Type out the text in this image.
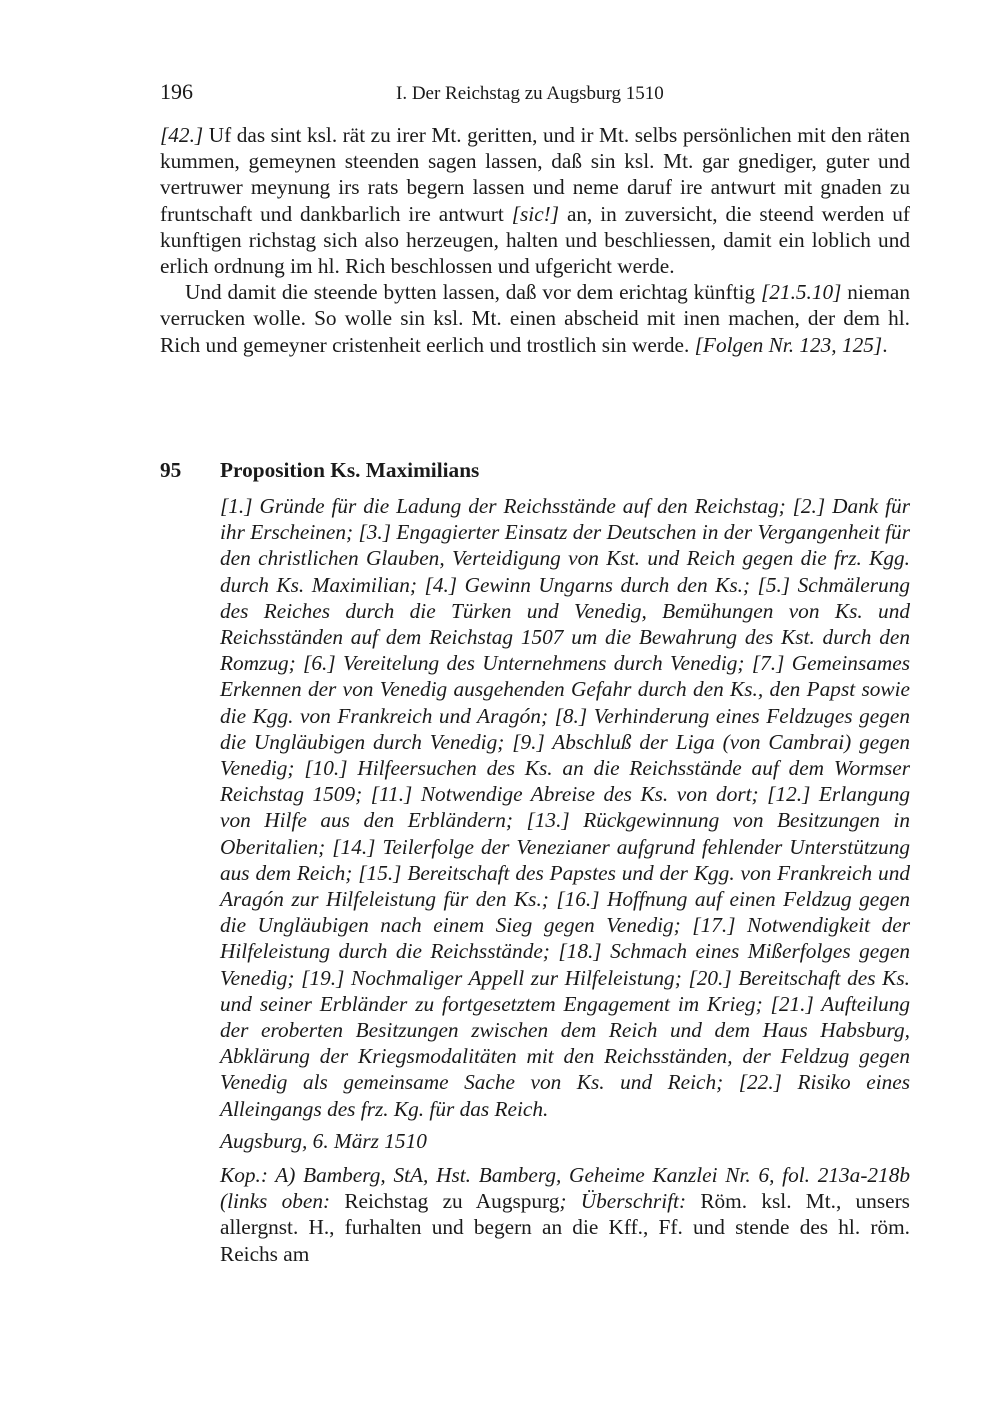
196	I. Der Reichstag zu Augsburg 1510

[42.] Uf das sint ksl. rät zu irer Mt. geritten, und ir Mt. selbs persönlichen mit den räten kummen, gemeynen steenden sagen lassen, daß sin ksl. Mt. gar gnediger, guter und vertruwer meynung irs rats begern lassen und neme daruf ire antwurt mit gnaden zu fruntschaft und dankbarlich ire antwurt [sic!] an, in zuversicht, die steend werden uf kunftigen richstag sich also herzeugen, halten und beschliessen, damit ein loblich und erlich ordnung im hl. Rich beschlossen und ufgericht werde.

Und damit die steende bytten lassen, daß vor dem erichtag künftig [21.5.10] nieman verrucken wolle. So wolle sin ksl. Mt. einen abscheid mit inen machen, der dem hl. Rich und gemeyner cristenheit eerlich und trostlich sin werde. [Folgen Nr. 123, 125].

95 Proposition Ks. Maximilians
[1.] Gründe für die Ladung der Reichsstände auf den Reichstag; [2.] Dank für ihr Erscheinen; [3.] Engagierter Einsatz der Deutschen in der Vergangenheit für den christlichen Glauben, Verteidigung von Kst. und Reich gegen die frz. Kgg. durch Ks. Maximilian; [4.] Gewinn Ungarns durch den Ks.; [5.] Schmälerung des Reiches durch die Türken und Venedig, Bemühungen von Ks. und Reichsständen auf dem Reichstag 1507 um die Bewahrung des Kst. durch den Romzug; [6.] Vereitelung des Unternehmens durch Venedig; [7.] Gemeinsames Erkennen der von Venedig ausgehenden Gefahr durch den Ks., den Papst sowie die Kgg. von Frankreich und Aragón; [8.] Verhinderung eines Feldzuges gegen die Ungläubigen durch Venedig; [9.] Abschluß der Liga (von Cambrai) gegen Venedig; [10.] Hilfeersuchen des Ks. an die Reichsstände auf dem Wormser Reichstag 1509; [11.] Notwendige Abreise des Ks. von dort; [12.] Erlangung von Hilfe aus den Erbländern; [13.] Rückgewinnung von Besitzungen in Oberitalien; [14.] Teilerfolge der Venezianer aufgrund fehlender Unterstützung aus dem Reich; [15.] Bereitschaft des Papstes und der Kgg. von Frankreich und Aragón zur Hilfeleistung für den Ks.; [16.] Hoffnung auf einen Feldzug gegen die Ungläubigen nach einem Sieg gegen Venedig; [17.] Notwendigkeit der Hilfeleistung durch die Reichsstände; [18.] Schmach eines Mißerfolges gegen Venedig; [19.] Nochmaliger Appell zur Hilfeleistung; [20.] Bereitschaft des Ks. und seiner Erbländer zu fortgesetztem Engagement im Krieg; [21.] Aufteilung der eroberten Besitzungen zwischen dem Reich und dem Haus Habsburg, Abklärung der Kriegsmodalitäten mit den Reichsständen, der Feldzug gegen Venedig als gemeinsame Sache von Ks. und Reich; [22.] Risiko eines Alleingangs des frz. Kg. für das Reich.
Augsburg, 6. März 1510
Kop.: A) Bamberg, StA, Hst. Bamberg, Geheime Kanzlei Nr. 6, fol. 213a-218b (links oben: Reichstag zu Augspurg; Überschrift: Röm. ksl. Mt., unsers allergnst. H., furhalten und begern an die Kff., Ff. und stende des hl. röm. Reichs am
